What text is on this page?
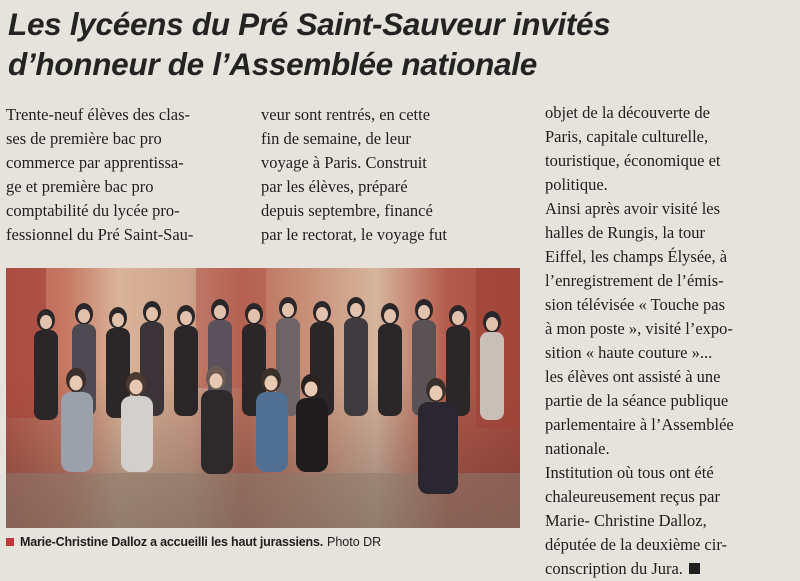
Les lycéens du Pré Saint-Sauveur invités
d’honneur de l’Assemblée nationale
Trente-neuf élèves des clas-
ses de première bac pro
commerce par apprentissa-
ge et première bac pro
comptabilité du lycée pro-
fessionnel du Pré Saint-Sau-
veur sont rentrés, en cette
fin de semaine, de leur
voyage à Paris. Construit
par les élèves, préparé
depuis septembre, financé
par le rectorat, le voyage fut
objet de la découverte de
Paris, capitale culturelle,
touristique, économique et
politique.
Ainsi après avoir visité les
halles de Rungis, la tour
Eiffel, les champs Élysée, à
l’enregistrement de l’émis-
sion télévisée « Touche pas
à mon poste », visité l’expo-
sition « haute couture »...
les élèves ont assisté à une
partie de la séance publique
parlementaire à l’Assemblée
nationale.
Institution où tous ont été
chaleureusement reçus par
Marie- Christine Dalloz,
députée de la deuxième cir-
conscription du Jura.
Marie-Christine Dalloz a accueilli les haut jurassiens. Photo DR
